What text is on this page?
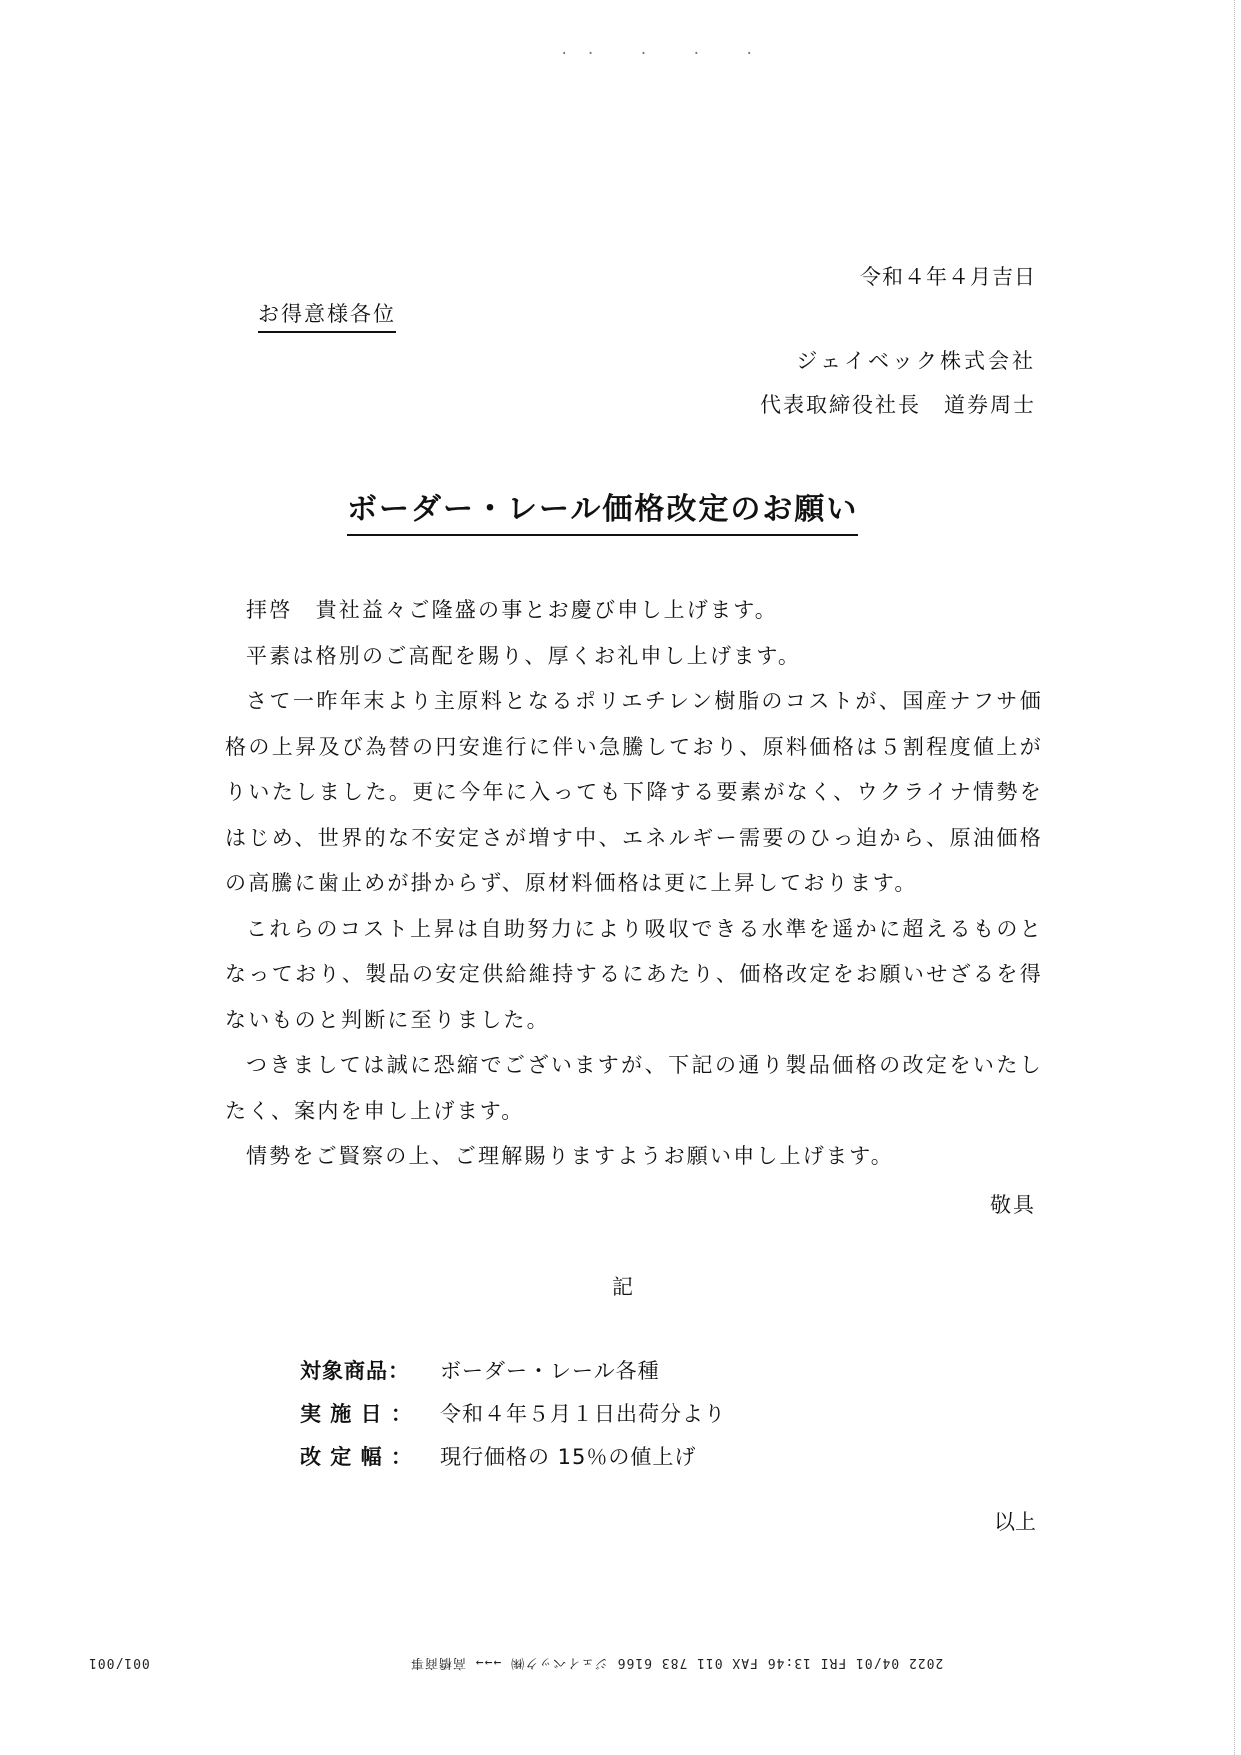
.. . . .
令和４年４月吉日
お得意様各位
ジェイベック株式会社
代表取締役社長　道券周士
ボーダー・レール価格改定のお願い

拝啓　貴社益々ご隆盛の事とお慶び申し上げます。

平素は格別のご高配を賜り、厚くお礼申し上げます。

さて一昨年末より主原料となるポリエチレン樹脂のコストが、国産ナフサ価格の上昇及び為替の円安進行に伴い急騰しており、原料価格は５割程度値上がりいたしました。更に今年に入っても下降する要素がなく、ウクライナ情勢をはじめ、世界的な不安定さが増す中、エネルギー需要のひっ迫から、原油価格の高騰に歯止めが掛からず、原材料価格は更に上昇しております。

これらのコスト上昇は自助努力により吸収できる水準を遥かに超えるものとなっており、製品の安定供給維持するにあたり、価格改定をお願いせざるを得ないものと判断に至りました。

つきましては誠に恐縮でございますが、下記の通り製品価格の改定をいたしたく、案内を申し上げます。

情勢をご賢察の上、ご理解賜りますようお願い申し上げます。

敬具
記
対象商品： ボーダー・レール各種
実 施 日 ： 令和４年５月１日出荷分より
改 定 幅 ： 現行価格の 15％の値上げ
以上
2022 04/01 FRI 13:46 FAX 011 783 6166 ジェイベック㈱ →→→ 高橋商事
001/001
